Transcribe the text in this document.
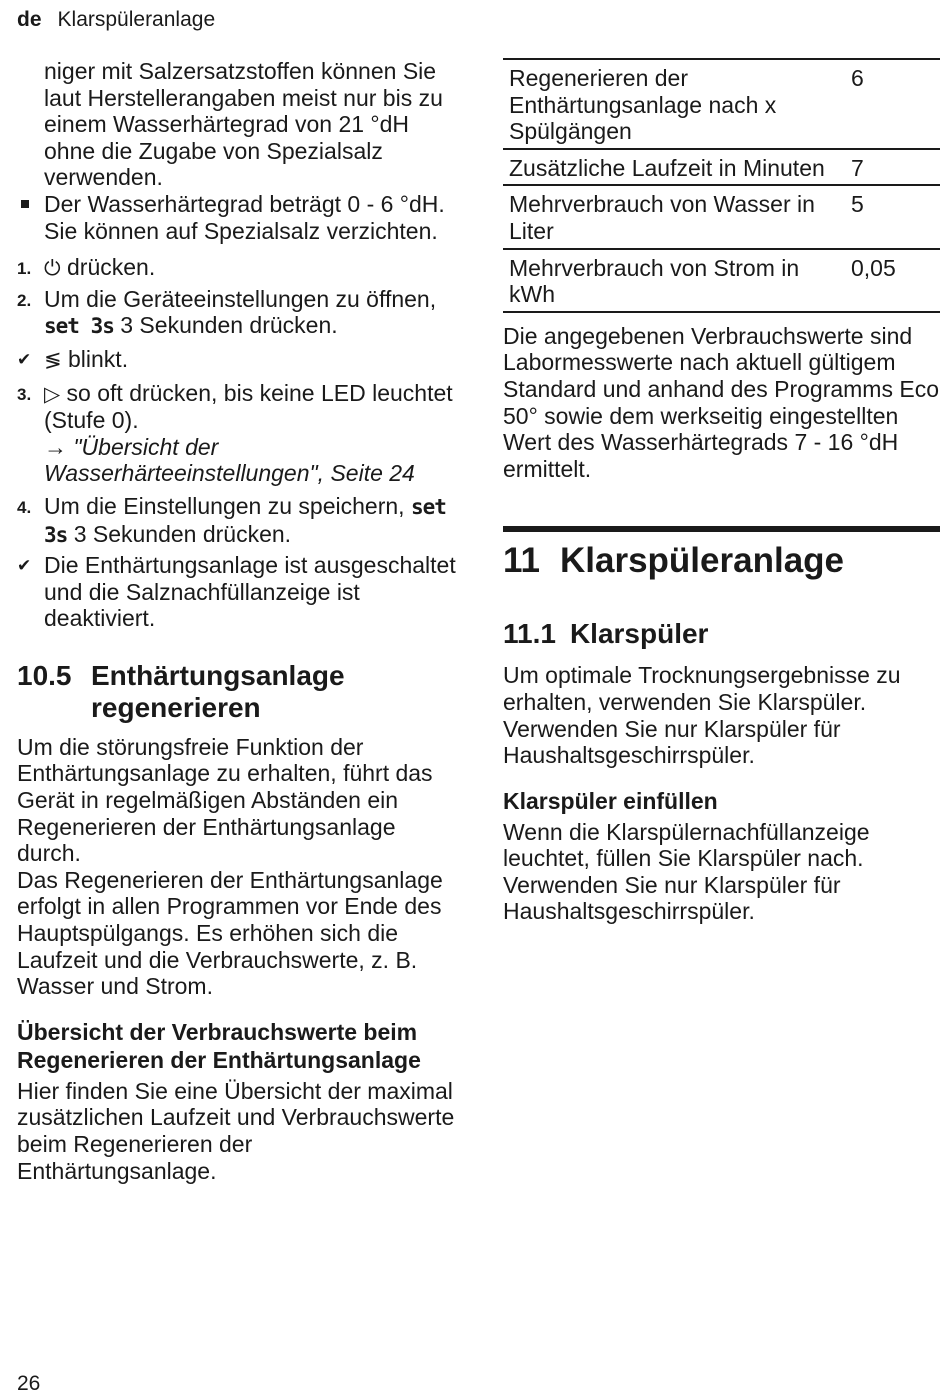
de Klarspüleranlage

niger mit Salzersatzstoffen können Sie laut Herstellerangaben meist nur bis zu einem Wasserhärtegrad von 21 °dH ohne die Zugabe von Spezialsalz verwenden.

Der Wasserhärtegrad beträgt 0 - 6 °dH. Sie können auf Spezialsalz verzichten.
1. ⏻ drücken.
2. Um die Geräteeinstellungen zu öffnen, set 3s 3 Sekunden drücken.
✔ ≶ blinkt.
3. ▷ so oft drücken, bis keine LED leuchtet (Stufe 0).
→ "Übersicht der Wasserhärteeinstellungen", Seite 24
4. Um die Einstellungen zu speichern, set 3s 3 Sekunden drücken.
✔ Die Enthärtungsanlage ist ausgeschaltet und die Salznachfüllanzeige ist deaktiviert.
10.5 Enthärtungsanlage regenerieren

Um die störungsfreie Funktion der Enthärtungsanlage zu erhalten, führt das Gerät in regelmäßigen Abständen ein Regenerieren der Enthärtungsanlage durch.

Das Regenerieren der Enthärtungsanlage erfolgt in allen Programmen vor Ende des Hauptspülgangs. Es erhöhen sich die Laufzeit und die Verbrauchswerte, z. B. Wasser und Strom.

Übersicht der Verbrauchswerte beim Regenerieren der Enthärtungsanlage

Hier finden Sie eine Übersicht der maximal zusätzlichen Laufzeit und Verbrauchswerte beim Regenerieren der Enthärtungsanlage.

Regenerieren der Enthärtungsanlage nach x Spülgängen	6
Zusätzliche Laufzeit in Minuten	7
Mehrverbrauch von Wasser in Liter	5
Mehrverbrauch von Strom in kWh	0,05

Die angegebenen Verbrauchswerte sind Labormesswerte nach aktuell gültigem Standard und anhand des Programms Eco 50° sowie dem werkseitig eingestellten Wert des Wasserhärtegrads 7 - 16 °dH ermittelt.

11 Klarspüleranlage
11.1 Klarspüler

Um optimale Trocknungsergebnisse zu erhalten, verwenden Sie Klarspüler.

Verwenden Sie nur Klarspüler für Haushaltsgeschirrspüler.

Klarspüler einfüllen

Wenn die Klarspülernachfüllanzeige leuchtet, füllen Sie Klarspüler nach.

Verwenden Sie nur Klarspüler für Haushaltsgeschirrspüler.

26
